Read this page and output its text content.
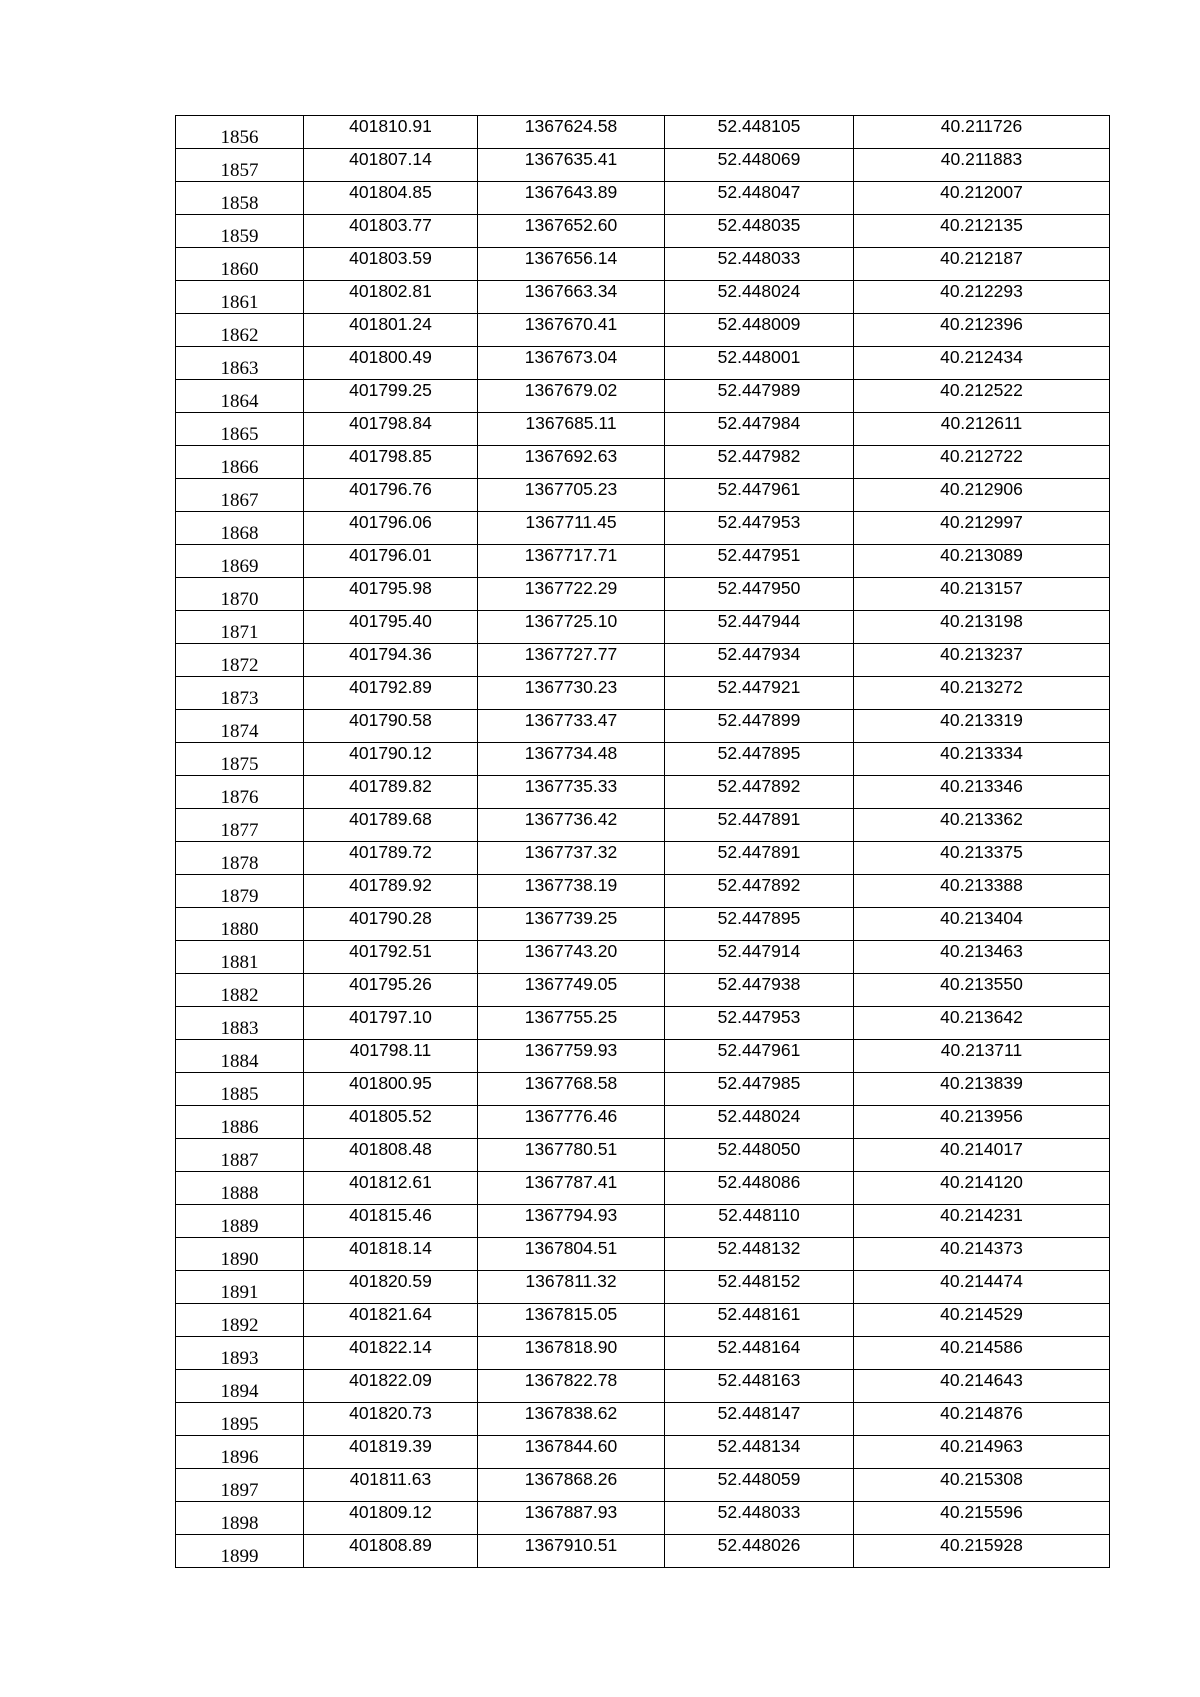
1856	401810.91	1367624.58	52.448105	40.211726
1857	401807.14	1367635.41	52.448069	40.211883
1858	401804.85	1367643.89	52.448047	40.212007
1859	401803.77	1367652.60	52.448035	40.212135
1860	401803.59	1367656.14	52.448033	40.212187
1861	401802.81	1367663.34	52.448024	40.212293
1862	401801.24	1367670.41	52.448009	40.212396
1863	401800.49	1367673.04	52.448001	40.212434
1864	401799.25	1367679.02	52.447989	40.212522
1865	401798.84	1367685.11	52.447984	40.212611
1866	401798.85	1367692.63	52.447982	40.212722
1867	401796.76	1367705.23	52.447961	40.212906
1868	401796.06	1367711.45	52.447953	40.212997
1869	401796.01	1367717.71	52.447951	40.213089
1870	401795.98	1367722.29	52.447950	40.213157
1871	401795.40	1367725.10	52.447944	40.213198
1872	401794.36	1367727.77	52.447934	40.213237
1873	401792.89	1367730.23	52.447921	40.213272
1874	401790.58	1367733.47	52.447899	40.213319
1875	401790.12	1367734.48	52.447895	40.213334
1876	401789.82	1367735.33	52.447892	40.213346
1877	401789.68	1367736.42	52.447891	40.213362
1878	401789.72	1367737.32	52.447891	40.213375
1879	401789.92	1367738.19	52.447892	40.213388
1880	401790.28	1367739.25	52.447895	40.213404
1881	401792.51	1367743.20	52.447914	40.213463
1882	401795.26	1367749.05	52.447938	40.213550
1883	401797.10	1367755.25	52.447953	40.213642
1884	401798.11	1367759.93	52.447961	40.213711
1885	401800.95	1367768.58	52.447985	40.213839
1886	401805.52	1367776.46	52.448024	40.213956
1887	401808.48	1367780.51	52.448050	40.214017
1888	401812.61	1367787.41	52.448086	40.214120
1889	401815.46	1367794.93	52.448110	40.214231
1890	401818.14	1367804.51	52.448132	40.214373
1891	401820.59	1367811.32	52.448152	40.214474
1892	401821.64	1367815.05	52.448161	40.214529
1893	401822.14	1367818.90	52.448164	40.214586
1894	401822.09	1367822.78	52.448163	40.214643
1895	401820.73	1367838.62	52.448147	40.214876
1896	401819.39	1367844.60	52.448134	40.214963
1897	401811.63	1367868.26	52.448059	40.215308
1898	401809.12	1367887.93	52.448033	40.215596
1899	401808.89	1367910.51	52.448026	40.215928
